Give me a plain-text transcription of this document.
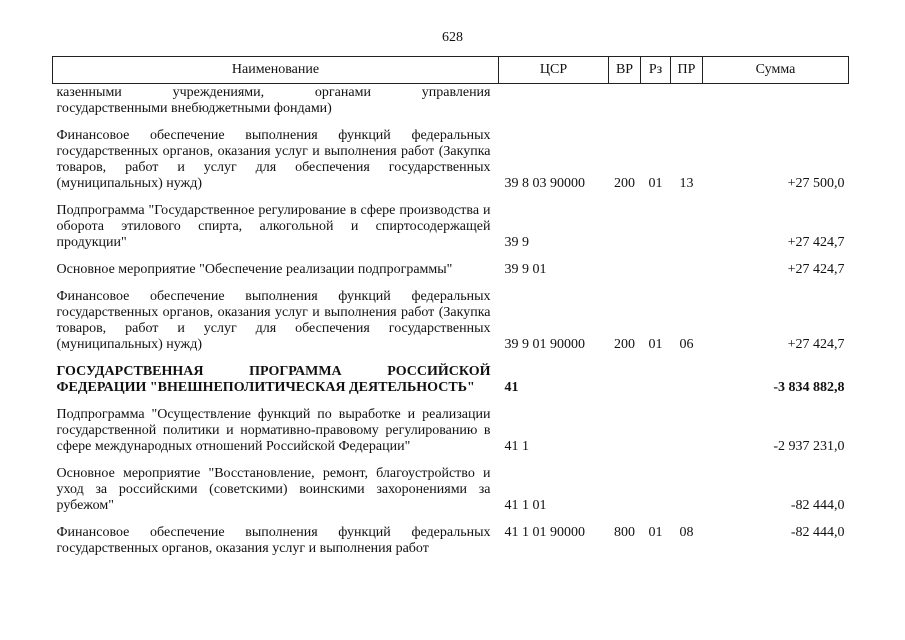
628
Наименование	ЦСР	ВР	Рз	ПР	Сумма

казенными учреждениями, органами управления
государственными внебюджетными фондами)					
Финансовое обеспечение выполнения функций федеральных государственных органов, оказания услуг и выполнения работ (Закупка товаров, работ и услуг для обеспечения государственных (муниципальных) нужд)	39 8 03 90000	200	01	13	+27 500,0
Подпрограмма "Государственное регулирование в сфере производства и оборота этилового спирта, алкогольной и спиртосодержащей продукции"	39 9				+27 424,7
Основное мероприятие "Обеспечение реализации подпрограммы"	39 9 01				+27 424,7
Финансовое обеспечение выполнения функций федеральных государственных органов, оказания услуг и выполнения работ (Закупка товаров, работ и услуг для обеспечения государственных (муниципальных) нужд)	39 9 01 90000	200	01	06	+27 424,7
ГОСУДАРСТВЕННАЯ ПРОГРАММА РОССИЙСКОЙ ФЕДЕРАЦИИ "ВНЕШНЕПОЛИТИЧЕСКАЯ ДЕЯТЕЛЬНОСТЬ"	41				-3 834 882,8
Подпрограмма "Осуществление функций по выработке и реализации государственной политики и нормативно-правовому регулированию в сфере международных отношений Российской Федерации"	41 1				-2 937 231,0
Основное мероприятие "Восстановление, ремонт, благоустройство и уход за российскими (советскими) воинскими захоронениями за рубежом"	41 1 01				-82 444,0
Финансовое обеспечение выполнения функций федеральных государственных органов, оказания услуг и выполнения работ	41 1 01 90000	800	01	08	-82 444,0
